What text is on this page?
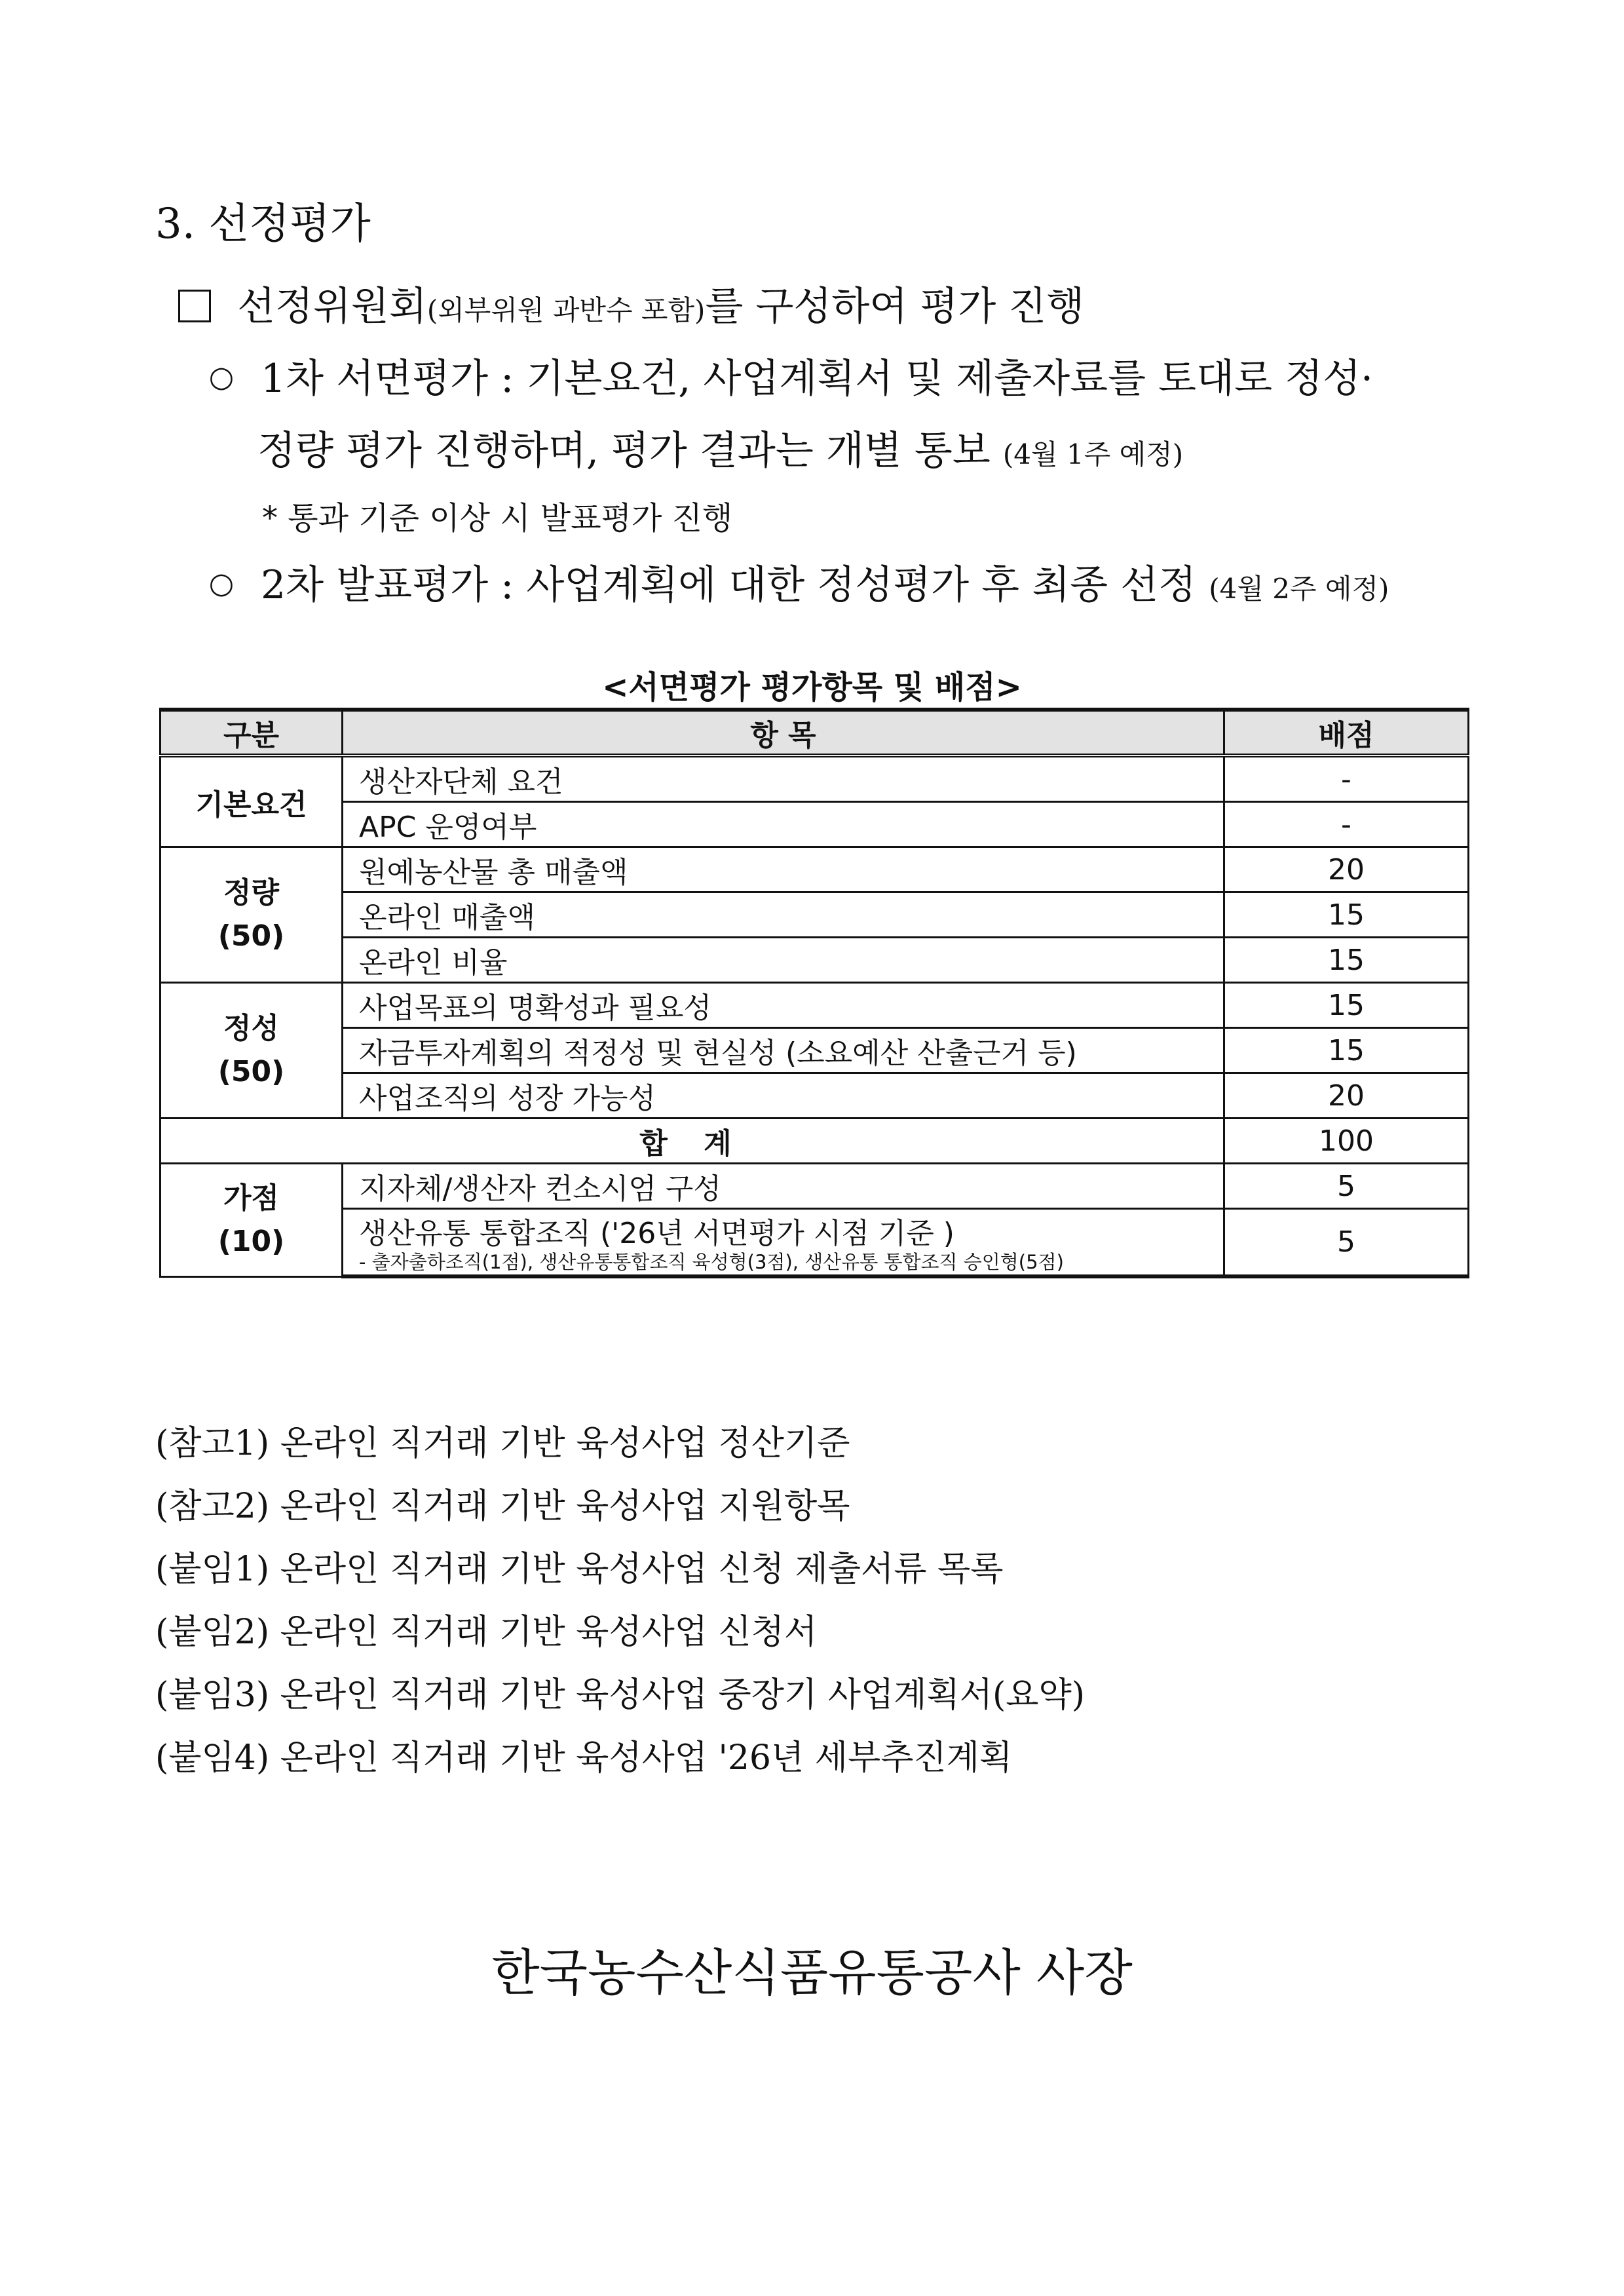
3. 선정평가
선정위원회(외부위원 과반수 포함)를 구성하여 평가 진행
○ 1차 서면평가 : 기본요건, 사업계획서 및 제출자료를 토대로 정성·
정량 평가 진행하며, 평가 결과는 개별 통보 (4월 1주 예정)
* 통과 기준 이상 시 발표평가 진행
○ 2차 발표평가 : 사업계획에 대한 정성평가 후 최종 선정 (4월 2주 예정)
<서면평가 평가항목 및 배점>
구분	항 목	배점
기본요건	생산자단체 요건	-
	APC 운영여부	-

정량
(50)	원예농산물 총 매출액	20
	온라인 매출액	15
	온라인 비율	15

정성
(50)	사업목표의 명확성과 필요성	15
	자금투자계획의 적정성 및 현실성 (소요예산 산출근거 등)	15
	사업조직의 성장 가능성	20
합 계		100

가점
(10)	지자체/생산자 컨소시엄 구성	5
	생산유통 통합조직 ('26년 서면평가 시점 기준 )
- 출자출하조직(1점), 생산유통통합조직 육성형(3점), 생산유통 통합조직 승인형(5점)	5
(참고1) 온라인 직거래 기반 육성사업 정산기준
(참고2) 온라인 직거래 기반 육성사업 지원항목
(붙임1) 온라인 직거래 기반 육성사업 신청 제출서류 목록
(붙임2) 온라인 직거래 기반 육성사업 신청서
(붙임3) 온라인 직거래 기반 육성사업 중장기 사업계획서(요약)
(붙임4) 온라인 직거래 기반 육성사업 '26년 세부추진계획
한국농수산식품유통공사 사장
